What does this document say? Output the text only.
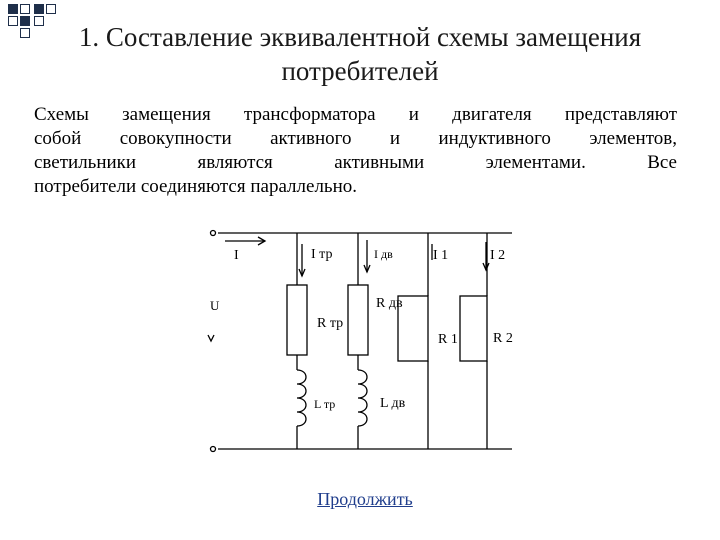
1. Составление эквивалентной схемы замещения
потребителей
Схемы замещения трансформатора и двигателя представляют
собой совокупности активного и индуктивного элементов,
светильники являются активными элементами. Все
потребители соединяются параллельно.
I	I тр	I дв	I 1	I 2
U	R дв
R тр
R 1	R 2
L тр	L дв
Продолжить
